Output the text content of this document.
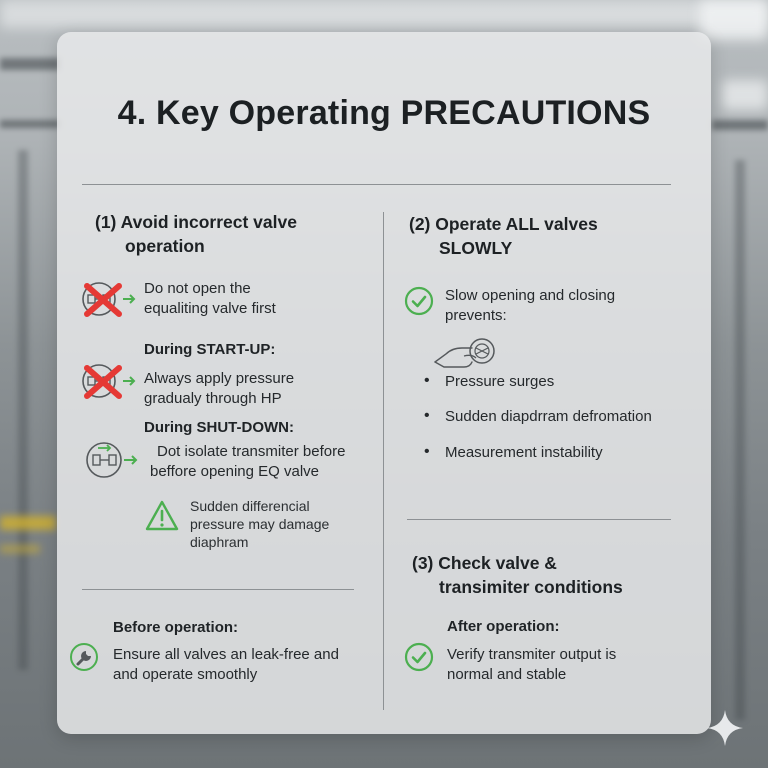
4. Key Operating PRECAUTIONS
(1) Avoid incorrect valve
operation
Do not open the
equaliting valve first
During START-UP:
Always apply pressure
gradualy through HP
During SHUT-DOWN:
Dot isolate transmiter before
beffore opening EQ valve
Sudden differencial
pressure may damage
diaphram
(2) Operate ALL valves
SLOWLY
Slow opening and closing
prevents:
• Pressure surges
• Sudden diapdrram defromation
• Measurement instability
(3) Check valve &
transimiter conditions
Before operation:
Ensure all valves an leak-free and
and operate smoothly
After operation:
Verify transmiter output is
normal and stable
